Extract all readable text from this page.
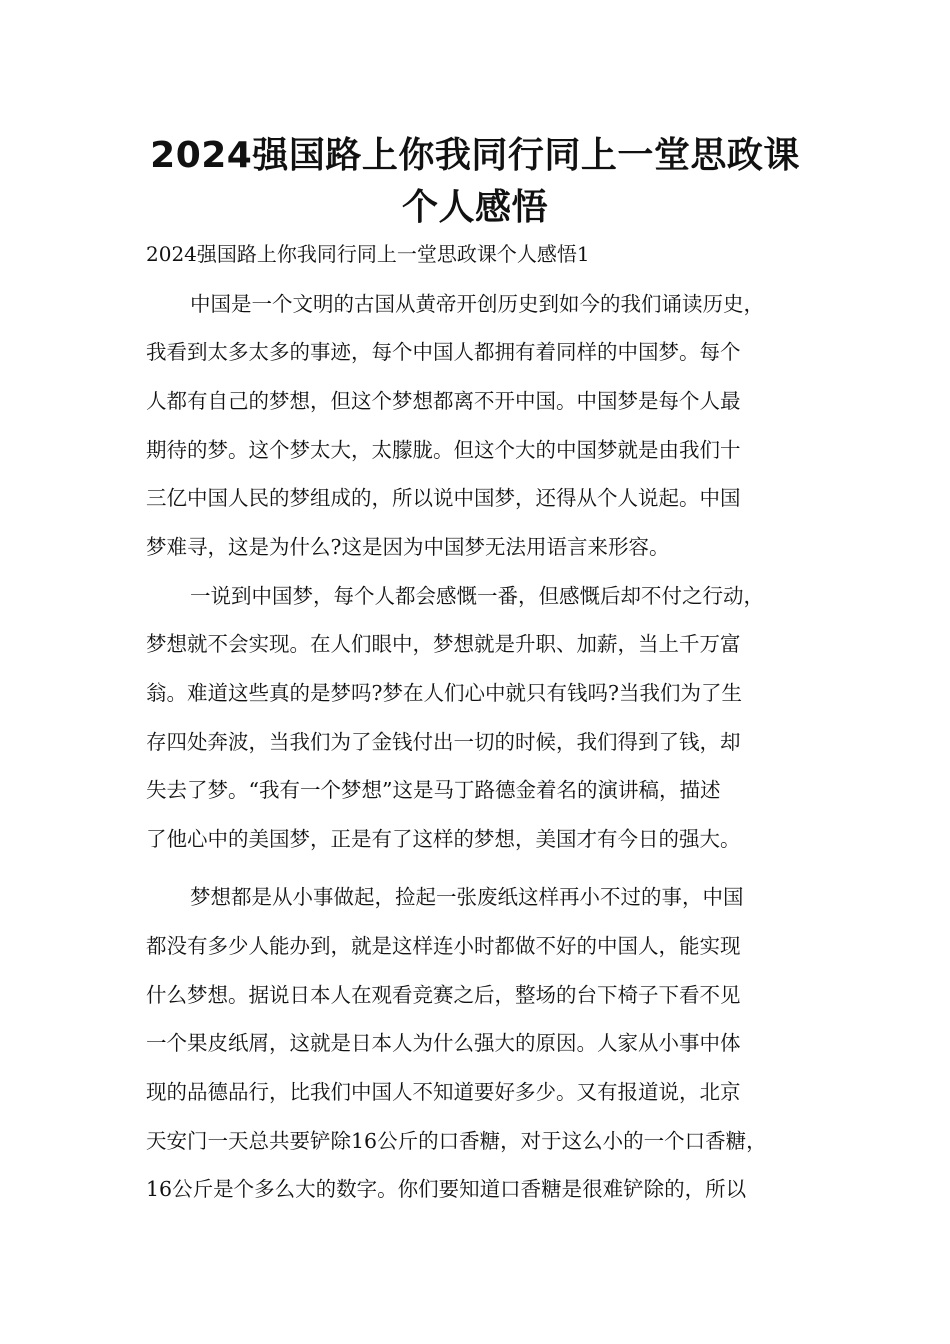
2024强国路上你我同行同上一堂思政课
个人感悟

2024强国路上你我同行同上一堂思政课个人感悟1

中国是一个文明的古国从黄帝开创历史到如今的我们诵读历史，

我看到太多太多的事迹，每个中国人都拥有着同样的中国梦。每个

人都有自己的梦想，但这个梦想都离不开中国。中国梦是每个人最

期待的梦。这个梦太大，太朦胧。但这个大的中国梦就是由我们十

三亿中国人民的梦组成的，所以说中国梦，还得从个人说起。中国

梦难寻，这是为什么?这是因为中国梦无法用语言来形容。

一说到中国梦，每个人都会感慨一番，但感慨后却不付之行动，

梦想就不会实现。在人们眼中，梦想就是升职、加薪，当上千万富

翁。难道这些真的是梦吗?梦在人们心中就只有钱吗?当我们为了生

存四处奔波，当我们为了金钱付出一切的时候，我们得到了钱，却

失去了梦。“我有一个梦想”这是马丁路德金着名的演讲稿，描述

了他心中的美国梦，正是有了这样的梦想，美国才有今日的强大。

梦想都是从小事做起，捡起一张废纸这样再小不过的事，中国

都没有多少人能办到，就是这样连小时都做不好的中国人，能实现

什么梦想。据说日本人在观看竞赛之后，整场的台下椅子下看不见

一个果皮纸屑，这就是日本人为什么强大的原因。人家从小事中体

现的品德品行，比我们中国人不知道要好多少。又有报道说，北京

天安门一天总共要铲除16公斤的口香糖，对于这么小的一个口香糖，

16公斤是个多么大的数字。你们要知道口香糖是很难铲除的，所以
